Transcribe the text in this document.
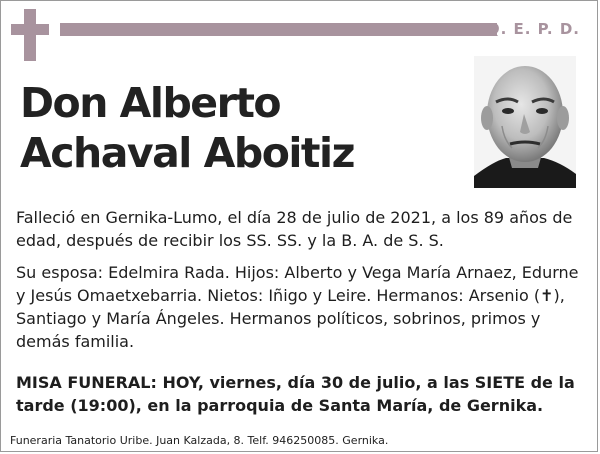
Q. E. P. D.
Don Alberto
Achaval Aboitiz

Falleció en Gernika-Lumo, el día 28 de julio de 2021, a los 89 años de edad, después de recibir los SS. SS. y la B. A. de S. S.

Su esposa: Edelmira Rada. Hijos: Alberto y Vega María Arnaez, Edurne y Jesús Omaetxebarria. Nietos: Iñigo y Leire. Hermanos: Arsenio (✝), Santiago y María Ángeles. Hermanos políticos, sobrinos, primos y demás familia.

MISA FUNERAL: HOY, viernes, día 30 de julio, a las SIETE de la tarde (19:00), en la parroquia de Santa María, de Gernika.

Funeraria Tanatorio Uribe. Juan Kalzada, 8. Telf. 946250085. Gernika.
